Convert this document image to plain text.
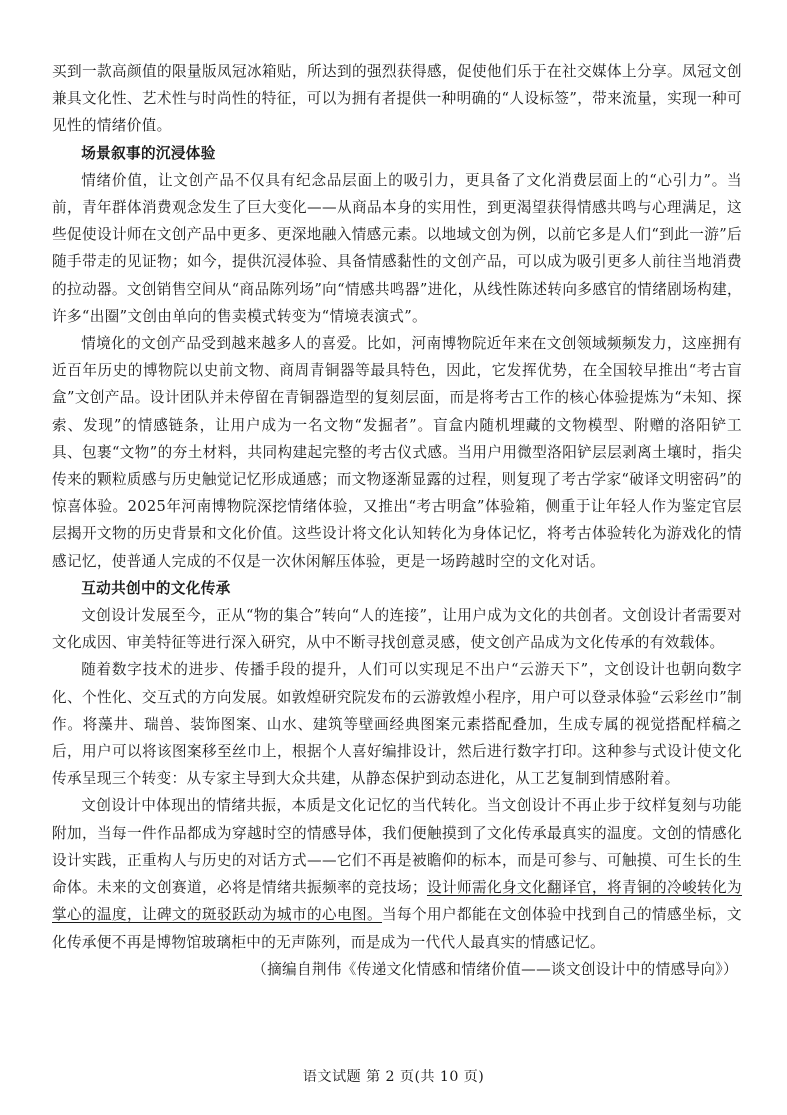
买到一款高颜值的限量版凤冠冰箱贴，所达到的强烈获得感，促使他们乐于在社交媒体上分享。凤冠文创兼具文化性、艺术性与时尚性的特征，可以为拥有者提供一种明确的“人设标签”，带来流量，实现一种可见性的情绪价值。

场景叙事的沉浸体验

情绪价值，让文创产品不仅具有纪念品层面上的吸引力，更具备了文化消费层面上的“心引力”。当前，青年群体消费观念发生了巨大变化——从商品本身的实用性，到更渴望获得情感共鸣与心理满足，这些促使设计师在文创产品中更多、更深地融入情感元素。以地域文创为例，以前它多是人们“到此一游”后随手带走的见证物；如今，提供沉浸体验、具备情感黏性的文创产品，可以成为吸引更多人前往当地消费的拉动器。文创销售空间从“商品陈列场”向“情感共鸣器”进化，从线性陈述转向多感官的情绪剧场构建，许多“出圈”文创由单向的售卖模式转变为“情境表演式”。

情境化的文创产品受到越来越多人的喜爱。比如，河南博物院近年来在文创领域频频发力，这座拥有近百年历史的博物院以史前文物、商周青铜器等最具特色，因此，它发挥优势，在全国较早推出“考古盲盒”文创产品。设计团队并未停留在青铜器造型的复刻层面，而是将考古工作的核心体验提炼为“未知、探索、发现”的情感链条，让用户成为一名文物“发掘者”。盲盒内随机埋藏的文物模型、附赠的洛阳铲工具、包裹“文物”的夯土材料，共同构建起完整的考古仪式感。当用户用微型洛阳铲层层剥离土壤时，指尖传来的颗粒质感与历史触觉记忆形成通感；而文物逐渐显露的过程，则复现了考古学家“破译文明密码”的惊喜体验。2025年河南博物院深挖情绪体验，又推出“考古明盒”体验箱，侧重于让年轻人作为鉴定官层层揭开文物的历史背景和文化价值。这些设计将文化认知转化为身体记忆，将考古体验转化为游戏化的情感记忆，使普通人完成的不仅是一次休闲解压体验，更是一场跨越时空的文化对话。

互动共创中的文化传承

文创设计发展至今，正从“物的集合”转向“人的连接”，让用户成为文化的共创者。文创设计者需要对文化成因、审美特征等进行深入研究，从中不断寻找创意灵感，使文创产品成为文化传承的有效载体。

随着数字技术的进步、传播手段的提升，人们可以实现足不出户“云游天下”，文创设计也朝向数字化、个性化、交互式的方向发展。如敦煌研究院发布的云游敦煌小程序，用户可以登录体验“云彩丝巾”制作。将藻井、瑞兽、装饰图案、山水、建筑等壁画经典图案元素搭配叠加，生成专属的视觉搭配样稿之后，用户可以将该图案移至丝巾上，根据个人喜好编排设计，然后进行数字打印。这种参与式设计使文化传承呈现三个转变：从专家主导到大众共建，从静态保护到动态进化，从工艺复制到情感附着。

文创设计中体现出的情绪共振，本质是文化记忆的当代转化。当文创设计不再止步于纹样复刻与功能附加，当每一件作品都成为穿越时空的情感导体，我们便触摸到了文化传承最真实的温度。文创的情感化设计实践，正重构人与历史的对话方式——它们不再是被瞻仰的标本，而是可参与、可触摸、可生长的生命体。未来的文创赛道，必将是情绪共振频率的竞技场；设计师需化身文化翻译官，将青铜的冷峻转化为掌心的温度，让碑文的斑驳跃动为城市的心电图。当每个用户都能在文创体验中找到自己的情感坐标，文化传承便不再是博物馆玻璃柜中的无声陈列，而是成为一代代人最真实的情感记忆。

（摘编自荆伟《传递文化情感和情绪价值——谈文创设计中的情感导向》）

语文试题 第 2 页(共 10 页)
